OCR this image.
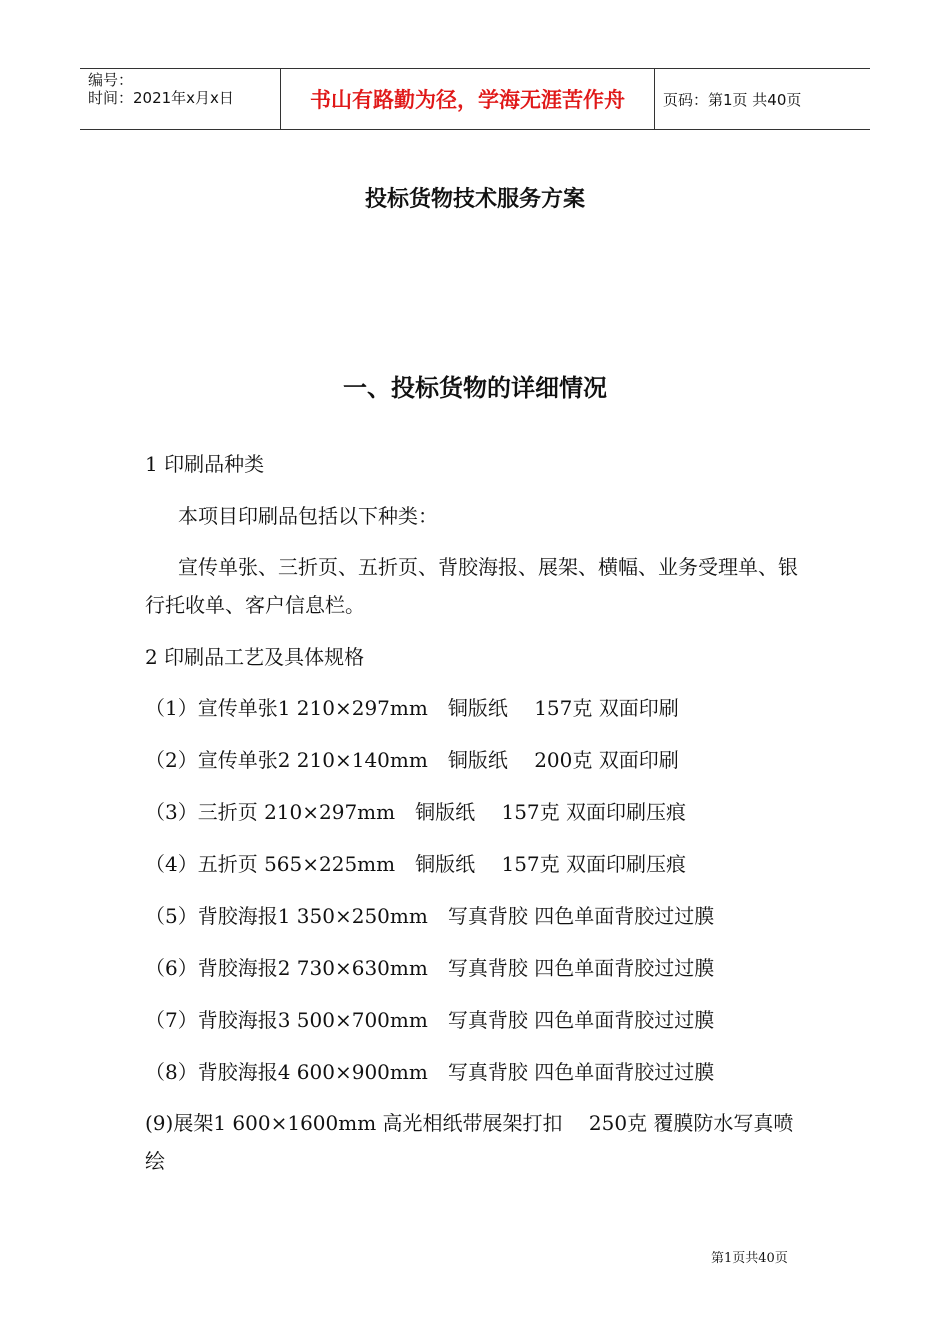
编号：
时间：2021年x月x日	书山有路勤为径，学海无涯苦作舟	页码：第1页 共40页
投标货物技术服务方案
一、投标货物的详细情况
1 印刷品种类
本项目印刷品包括以下种类：
宣传单张、三折页、五折页、背胶海报、展架、横幅、业务受理单、银行托收单、客户信息栏。
2 印刷品工艺及具体规格
（1）宣传单张1 210×297mm　铜版纸　 157克 双面印刷
（2）宣传单张2 210×140mm　铜版纸　 200克 双面印刷
（3）三折页 210×297mm　铜版纸　 157克 双面印刷压痕
（4）五折页 565×225mm　铜版纸　 157克 双面印刷压痕
（5）背胶海报1 350×250mm　写真背胶 四色单面背胶过过膜
（6）背胶海报2 730×630mm　写真背胶 四色单面背胶过过膜
（7）背胶海报3 500×700mm　写真背胶 四色单面背胶过过膜
（8）背胶海报4 600×900mm　写真背胶 四色单面背胶过过膜
(9)展架1 600×1600mm 高光相纸带展架打扣　 250克 覆膜防水写真喷绘
第1页共40页
